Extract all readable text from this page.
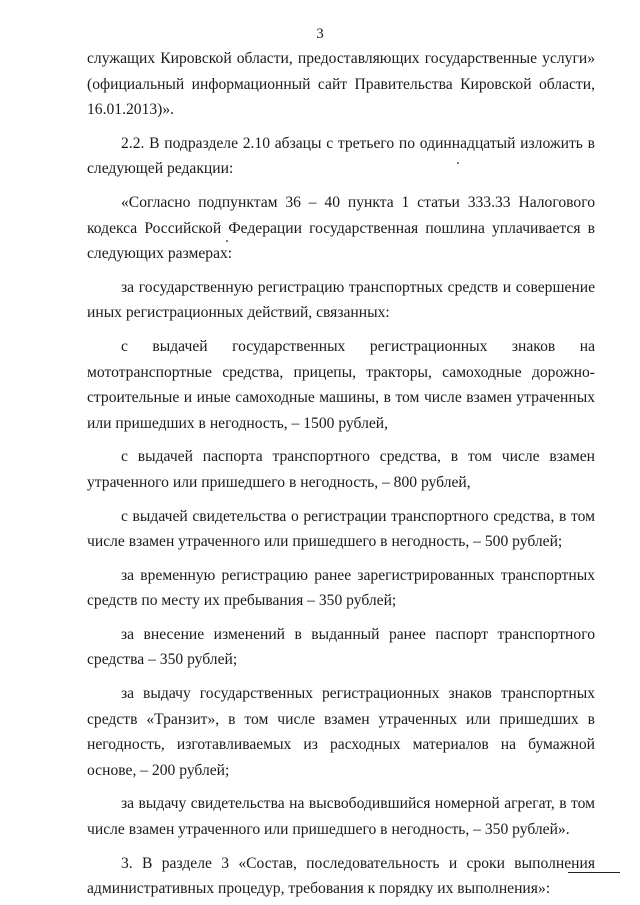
3

служащих Кировской области, предоставляющих государственные услуги» (официальный информационный сайт Правительства Кировской области, 16.01.2013)».

2.2. В подразделе 2.10 абзацы с третьего по одиннадцатый изложить в следующей редакции:

«Согласно подпунктам 36 – 40 пункта 1 статьи 333.33 Налогового кодекса Российской Федерации государственная пошлина уплачивается в следующих размерах:

за государственную регистрацию транспортных средств и совершение иных регистрационных действий, связанных:

с выдачей государственных регистрационных знаков на мототранспортные средства, прицепы, тракторы, самоходные дорожно-строительные и иные самоходные машины, в том числе взамен утраченных или пришедших в негодность, – 1500 рублей,

с выдачей паспорта транспортного средства, в том числе взамен утраченного или пришедшего в негодность, – 800 рублей,

с выдачей свидетельства о регистрации транспортного средства, в том числе взамен утраченного или пришедшего в негодность, – 500 рублей;

за временную регистрацию ранее зарегистрированных транспортных средств по месту их пребывания – 350 рублей;

за внесение изменений в выданный ранее паспорт транспортного средства – 350 рублей;

за выдачу государственных регистрационных знаков транспортных средств «Транзит», в том числе взамен утраченных или пришедших в негодность, изготавливаемых из расходных материалов на бумажной основе, – 200 рублей;

за выдачу свидетельства на высвободившийся номерной агрегат, в том числе взамен утраченного или пришедшего в негодность, – 350 рублей».

3. В разделе 3 «Состав, последовательность и сроки выполнения административных процедур, требования к порядку их выполнения»:
